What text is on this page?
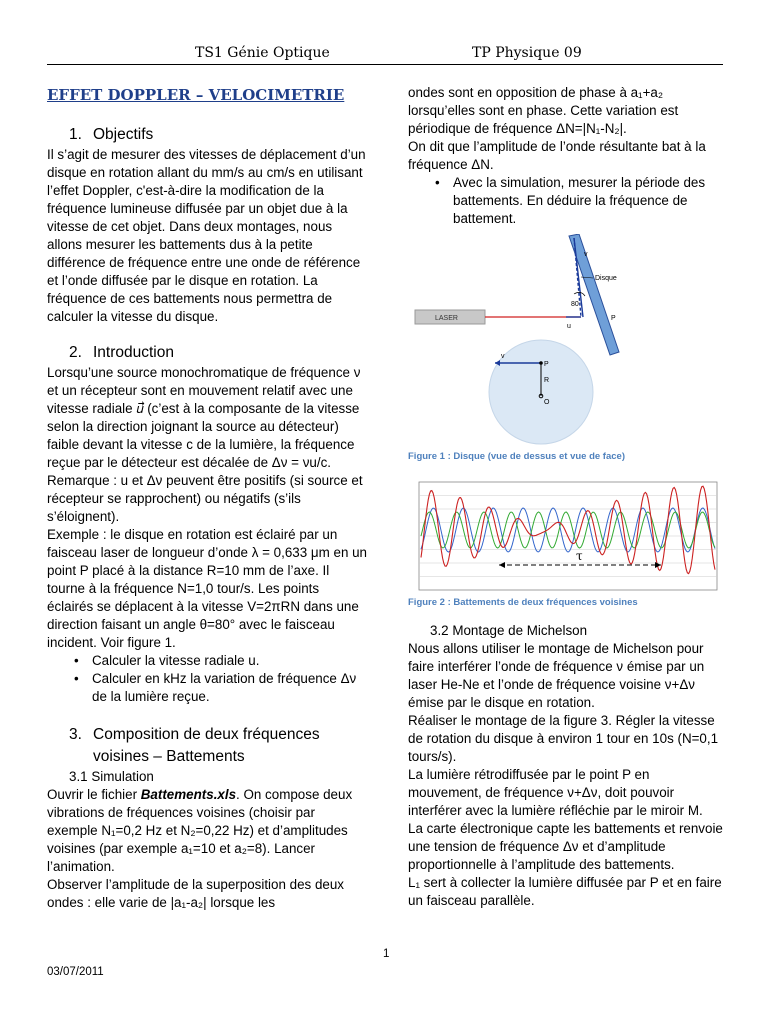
TS1 Génie Optique	TP Physique 09
EFFET DOPPLER – VELOCIMETRIE
1. Objectifs

Il s’agit de mesurer des vitesses de déplacement d’un disque en rotation allant du mm/s au cm/s en utilisant l’effet Doppler, c'est-à-dire la modification de la fréquence lumineuse diffusée par un objet due à la vitesse de cet objet. Dans deux montages, nous allons mesurer les battements dus à la petite différence de fréquence entre une onde de référence et l’onde diffusée par le disque en rotation. La fréquence de ces battements nous permettra de calculer la vitesse du disque.

2. Introduction

Lorsqu’une source monochromatique de fréquence ν et un récepteur sont en mouvement relatif avec une vitesse radiale 𝑢⃗ (c’est à la composante de la vitesse selon la direction joignant la source au détecteur) faible devant la vitesse c de la lumière, la fréquence reçue par le détecteur est décalée de Δν = νu/c.

Remarque : u et Δν peuvent être positifs (si source et récepteur se rapprochent) ou négatifs (s’ils s’éloignent).

Exemple : le disque en rotation est éclairé par un faisceau laser de longueur d’onde λ = 0,633 μm en un point P placé à la distance R=10 mm de l’axe. Il tourne à la fréquence N=1,0 tour/s. Les points éclairés se déplacent à la vitesse V=2πRN dans une direction faisant un angle θ=80° avec le faisceau incident. Voir figure 1.

• Calculer la vitesse radiale u.
• Calculer en kHz la variation de fréquence Δν de la lumière reçue.
3. Composition de deux fréquences voisines – Battements
3.1 Simulation

Ouvrir le fichier Battements.xls. On compose deux vibrations de fréquences voisines (choisir par exemple N₁=0,2 Hz et N₂=0,22 Hz) et d’amplitudes voisines (par exemple a₁=10 et a₂=8). Lancer l’animation.

Observer l’amplitude de la superposition des deux ondes : elle varie de |a₁-a₂| lorsque les

ondes sont en opposition de phase à a₁+a₂ lorsqu’elles sont en phase. Cette variation est périodique de fréquence ΔN=|N₁-N₂|.

On dit que l’amplitude de l’onde résultante bat à la fréquence ΔN.

• Avec la simulation, mesurer la période des battements. En déduire la fréquence de battement.
LASER
80
Disque
v
P
u
v
P
R
O
Figure 1 : Disque (vue de dessus et vue de face)
τ
Figure 2 : Battements de deux fréquences voisines
3.2 Montage de Michelson

Nous allons utiliser le montage de Michelson pour faire interférer l’onde de fréquence ν émise par un laser He-Ne et l’onde de fréquence voisine ν+Δν émise par le disque en rotation.

Réaliser le montage de la figure 3. Régler la vitesse de rotation du disque à environ 1 tour en 10s (N=0,1 tours/s).

La lumière rétrodiffusée par le point P en mouvement, de fréquence ν+Δν, doit pouvoir interférer avec la lumière réfléchie par le miroir M.

La carte électronique capte les battements et renvoie une tension de fréquence Δν et d’amplitude proportionnelle à l’amplitude des battements.

L₁ sert à collecter la lumière diffusée par P et en faire un faisceau parallèle.

1
03/07/2011
